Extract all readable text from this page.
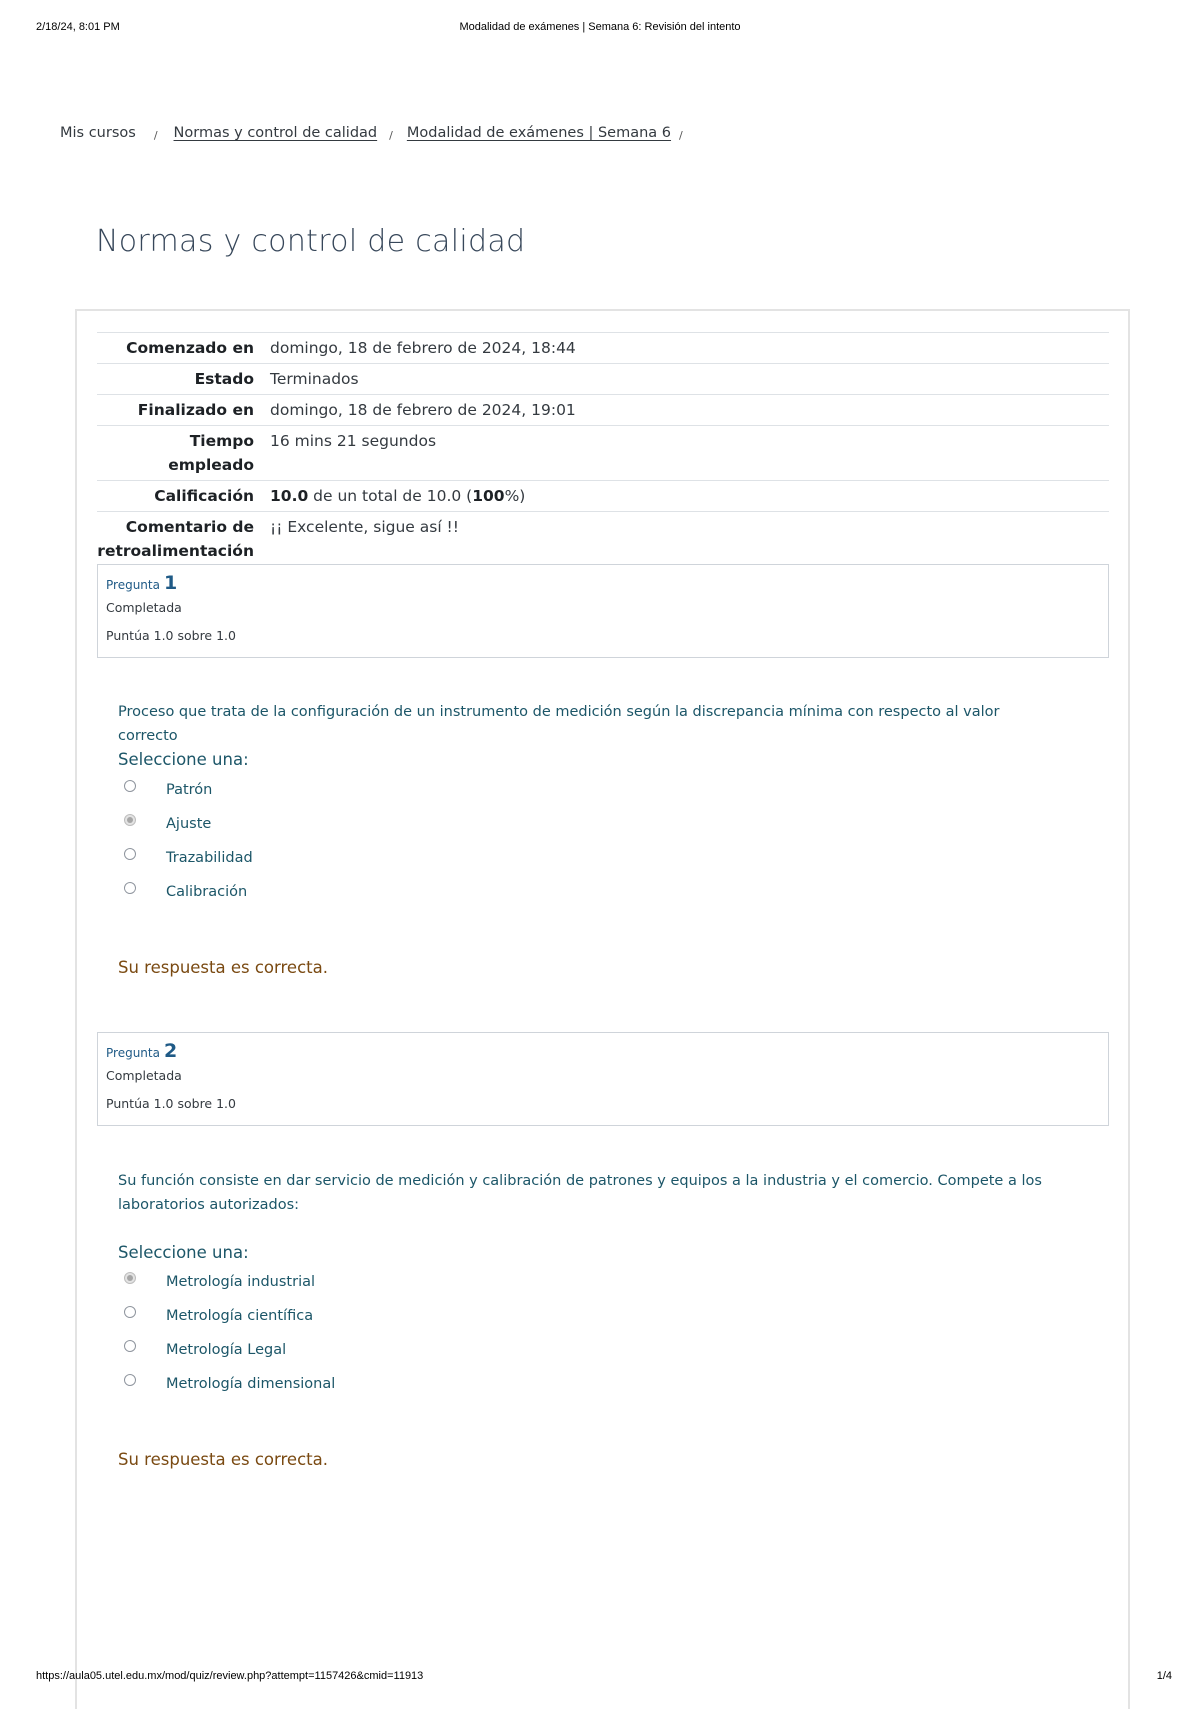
2/18/24, 8:01 PM	Modalidad de exámenes | Semana 6: Revisión del intento
Mis cursos / Normas y control de calidad / Modalidad de exámenes | Semana 6 /
Normas y control de calidad
Comenzado en	domingo, 18 de febrero de 2024, 18:44
Estado	Terminados
Finalizado en	domingo, 18 de febrero de 2024, 19:01
Tiempo
empleado	16 mins 21 segundos
Calificación	10.0 de un total de 10.0 (100%)
Comentario de
retroalimentación	¡¡ Excelente, sigue así !!
Pregunta 1
Completada
Puntúa 1.0 sobre 1.0
Proceso que trata de la configuración de un instrumento de medición según la discrepancia mínima con respecto al valor correcto
Seleccione una:
Patrón
Ajuste
Trazabilidad
Calibración
Su respuesta es correcta.
Pregunta 2
Completada
Puntúa 1.0 sobre 1.0
Su función consiste en dar servicio de medición y calibración de patrones y equipos a la industria y el comercio. Compete a los laboratorios autorizados:
Seleccione una:
Metrología industrial
Metrología científica
Metrología Legal
Metrología dimensional
Su respuesta es correcta.
https://aula05.utel.edu.mx/mod/quiz/review.php?attempt=1157426&cmid=11913	1/4
